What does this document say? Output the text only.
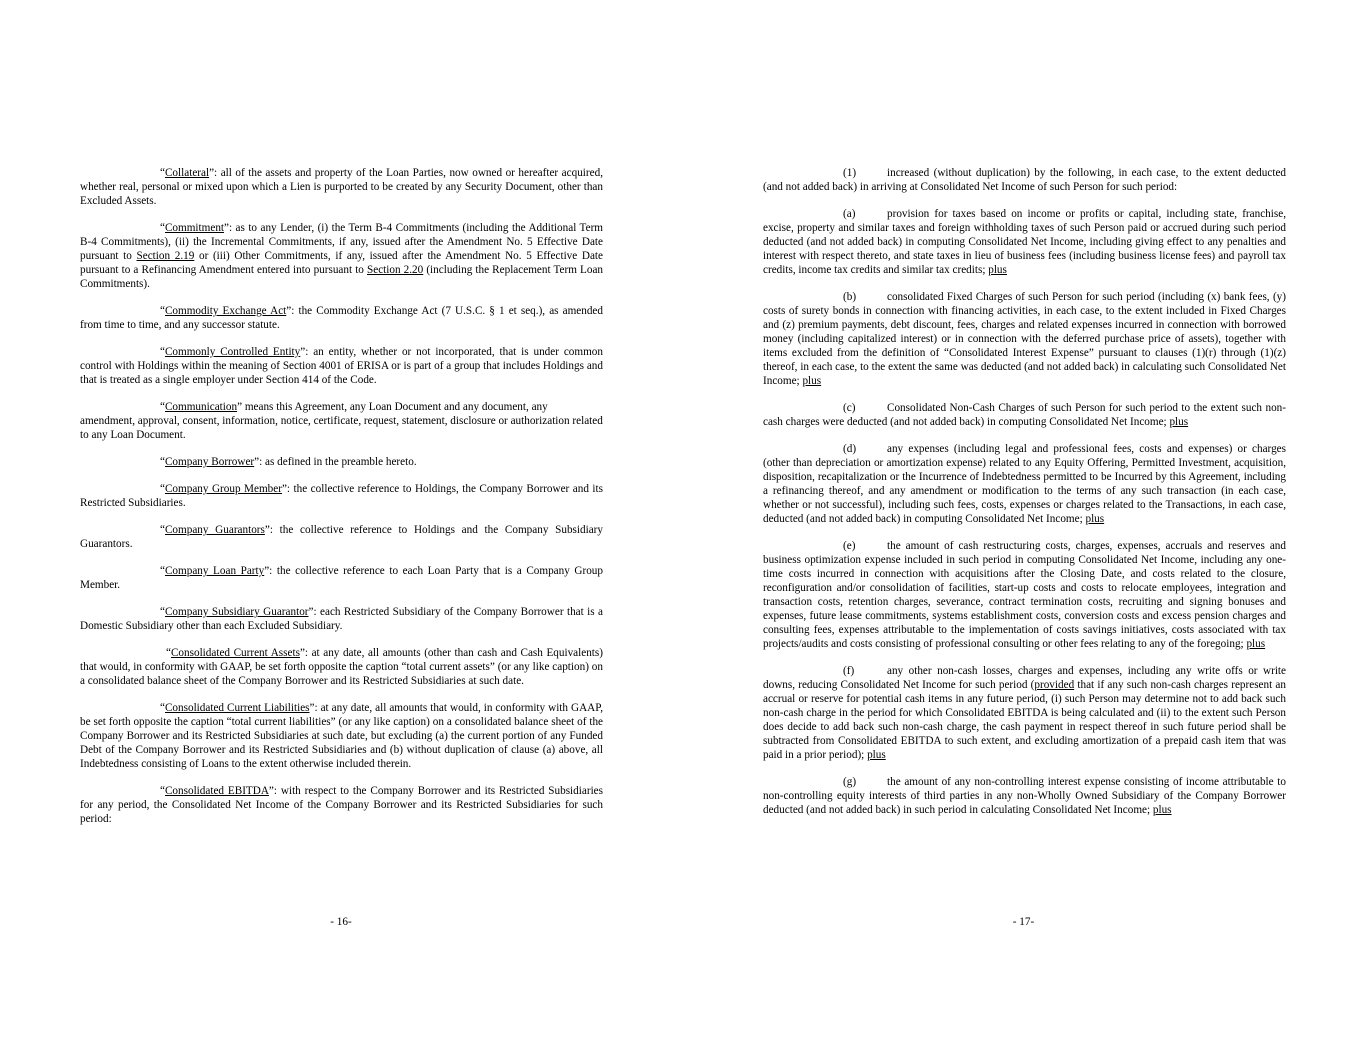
“Collateral”: all of the assets and property of the Loan Parties, now owned or hereafter acquired, whether real, personal or mixed upon which a Lien is purported to be created by any Security Document, other than Excluded Assets.

“Commitment”: as to any Lender, (i) the Term B-4 Commitments (including the Additional Term B-4 Commitments), (ii) the Incremental Commitments, if any, issued after the Amendment No. 5 Effective Date pursuant to Section 2.19 or (iii) Other Commitments, if any, issued after the Amendment No. 5 Effective Date pursuant to a Refinancing Amendment entered into pursuant to Section 2.20 (including the Replacement Term Loan Commitments).

“Commodity Exchange Act”: the Commodity Exchange Act (7 U.S.C. § 1 et seq.), as amended from time to time, and any successor statute.

“Commonly Controlled Entity”: an entity, whether or not incorporated, that is under common control with Holdings within the meaning of Section 4001 of ERISA or is part of a group that includes Holdings and that is treated as a single employer under Section 414 of the Code.

“Communication” means this Agreement, any Loan Document and any document, any amendment, approval, consent, information, notice, certificate, request, statement, disclosure or authorization related to any Loan Document.

“Company Borrower”: as defined in the preamble hereto.

“Company Group Member”: the collective reference to Holdings, the Company Borrower and its Restricted Subsidiaries.

“Company Guarantors”: the collective reference to Holdings and the Company Subsidiary Guarantors.

“Company Loan Party”: the collective reference to each Loan Party that is a Company Group Member.

“Company Subsidiary Guarantor”: each Restricted Subsidiary of the Company Borrower that is a Domestic Subsidiary other than each Excluded Subsidiary.

“Consolidated Current Assets”: at any date, all amounts (other than cash and Cash Equivalents) that would, in conformity with GAAP, be set forth opposite the caption “total current assets” (or any like caption) on a consolidated balance sheet of the Company Borrower and its Restricted Subsidiaries at such date.

“Consolidated Current Liabilities”: at any date, all amounts that would, in conformity with GAAP, be set forth opposite the caption “total current liabilities” (or any like caption) on a consolidated balance sheet of the Company Borrower and its Restricted Subsidiaries at such date, but excluding (a) the current portion of any Funded Debt of the Company Borrower and its Restricted Subsidiaries and (b) without duplication of clause (a) above, all Indebtedness consisting of Loans to the extent otherwise included therein.

“Consolidated EBITDA”: with respect to the Company Borrower and its Restricted Subsidiaries for any period, the Consolidated Net Income of the Company Borrower and its Restricted Subsidiaries for such period:

- 16-

(1)	increased (without duplication) by the following, in each case, to the extent deducted (and not added back) in arriving at Consolidated Net Income of such Person for such period:

(a)	provision for taxes based on income or profits or capital, including state, franchise, excise, property and similar taxes and foreign withholding taxes of such Person paid or accrued during such period deducted (and not added back) in computing Consolidated Net Income, including giving effect to any penalties and interest with respect thereto, and state taxes in lieu of business fees (including business license fees) and payroll tax credits, income tax credits and similar tax credits; plus

(b)	consolidated Fixed Charges of such Person for such period (including (x) bank fees, (y) costs of surety bonds in connection with financing activities, in each case, to the extent included in Fixed Charges and (z) premium payments, debt discount, fees, charges and related expenses incurred in connection with borrowed money (including capitalized interest) or in connection with the deferred purchase price of assets), together with items excluded from the definition of “Consolidated Interest Expense” pursuant to clauses (1)(r) through (1)(z) thereof, in each case, to the extent the same was deducted (and not added back) in calculating such Consolidated Net Income; plus

(c)	Consolidated Non-Cash Charges of such Person for such period to the extent such non-cash charges were deducted (and not added back) in computing Consolidated Net Income; plus

(d)	any expenses (including legal and professional fees, costs and expenses) or charges (other than depreciation or amortization expense) related to any Equity Offering, Permitted Investment, acquisition, disposition, recapitalization or the Incurrence of Indebtedness permitted to be Incurred by this Agreement, including a refinancing thereof, and any amendment or modification to the terms of any such transaction (in each case, whether or not successful), including such fees, costs, expenses or charges related to the Transactions, in each case, deducted (and not added back) in computing Consolidated Net Income; plus

(e)	the amount of cash restructuring costs, charges, expenses, accruals and reserves and business optimization expense included in such period in computing Consolidated Net Income, including any one-time costs incurred in connection with acquisitions after the Closing Date, and costs related to the closure, reconfiguration and/or consolidation of facilities, start-up costs and costs to relocate employees, integration and transaction costs, retention charges, severance, contract termination costs, recruiting and signing bonuses and expenses, future lease commitments, systems establishment costs, conversion costs and excess pension charges and consulting fees, expenses attributable to the implementation of costs savings initiatives, costs associated with tax projects/audits and costs consisting of professional consulting or other fees relating to any of the foregoing; plus

(f)	any other non-cash losses, charges and expenses, including any write offs or write downs, reducing Consolidated Net Income for such period (provided that if any such non-cash charges represent an accrual or reserve for potential cash items in any future period, (i) such Person may determine not to add back such non-cash charge in the period for which Consolidated EBITDA is being calculated and (ii) to the extent such Person does decide to add back such non-cash charge, the cash payment in respect thereof in such future period shall be subtracted from Consolidated EBITDA to such extent, and excluding amortization of a prepaid cash item that was paid in a prior period); plus

(g)	the amount of any non-controlling interest expense consisting of income attributable to non-controlling equity interests of third parties in any non-Wholly Owned Subsidiary of the Company Borrower deducted (and not added back) in such period in calculating Consolidated Net Income; plus

- 17-
